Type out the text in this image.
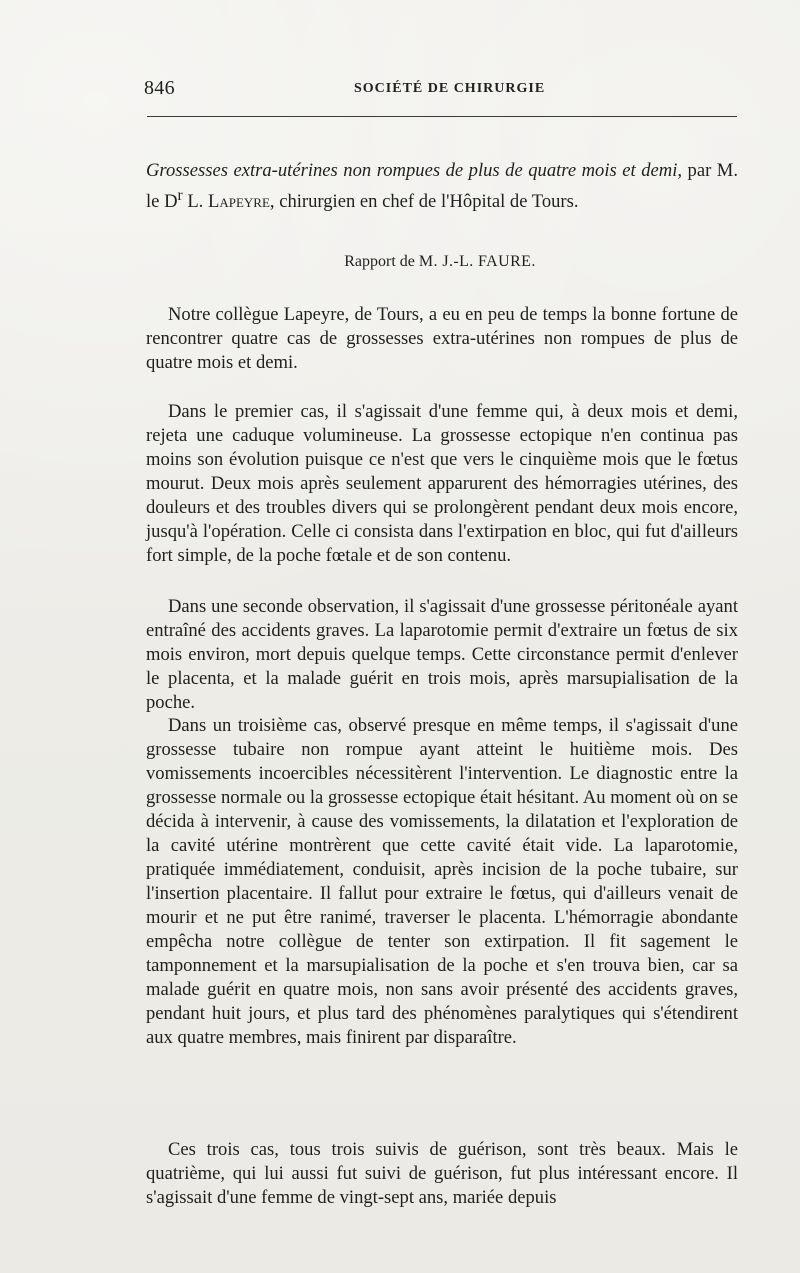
846	SOCIÉTÉ DE CHIRURGIE

Grossesses extra-utérines non rompues de plus de quatre mois et demi, par M. le $D^r$ L. Lapeyre, chirurgien en chef de l'Hôpital de Tours.

Rapport de M. J.-L. FAURE.

Notre collègue Lapeyre, de Tours, a eu en peu de temps la bonne fortune de rencontrer quatre cas de grossesses extra-utérines non rompues de plus de quatre mois et demi.

Dans le premier cas, il s'agissait d'une femme qui, à deux mois et demi, rejeta une caduque volumineuse. La grossesse ectopique n'en continua pas moins son évolution puisque ce n'est que vers le cinquième mois que le fœtus mourut. Deux mois après seulement apparurent des hémorragies utérines, des douleurs et des troubles divers qui se prolongèrent pendant deux mois encore, jusqu'à l'opération. Celle ci consista dans l'extirpation en bloc, qui fut d'ailleurs fort simple, de la poche fœtale et de son contenu.

Dans une seconde observation, il s'agissait d'une grossesse péritonéale ayant entraîné des accidents graves. La laparotomie permit d'extraire un fœtus de six mois environ, mort depuis quelque temps. Cette circonstance permit d'enlever le placenta, et la malade guérit en trois mois, après marsupialisation de la poche.

Dans un troisième cas, observé presque en même temps, il s'agissait d'une grossesse tubaire non rompue ayant atteint le huitième mois. Des vomissements incoercibles nécessitèrent l'intervention. Le diagnostic entre la grossesse normale ou la grossesse ectopique était hésitant. Au moment où on se décida à intervenir, à cause des vomissements, la dilatation et l'exploration de la cavité utérine montrèrent que cette cavité était vide. La laparotomie, pratiquée immédiatement, conduisit, après incision de la poche tubaire, sur l'insertion placentaire. Il fallut pour extraire le fœtus, qui d'ailleurs venait de mourir et ne put être ranimé, traverser le placenta. L'hémorragie abondante empêcha notre collègue de tenter son extirpation. Il fit sagement le tamponnement et la marsupialisation de la poche et s'en trouva bien, car sa malade guérit en quatre mois, non sans avoir présenté des accidents graves, pendant huit jours, et plus tard des phénomènes paralytiques qui s'étendirent aux quatre membres, mais finirent par disparaître.

Ces trois cas, tous trois suivis de guérison, sont très beaux. Mais le quatrième, qui lui aussi fut suivi de guérison, fut plus intéressant encore. Il s'agissait d'une femme de vingt-sept ans, mariée depuis
